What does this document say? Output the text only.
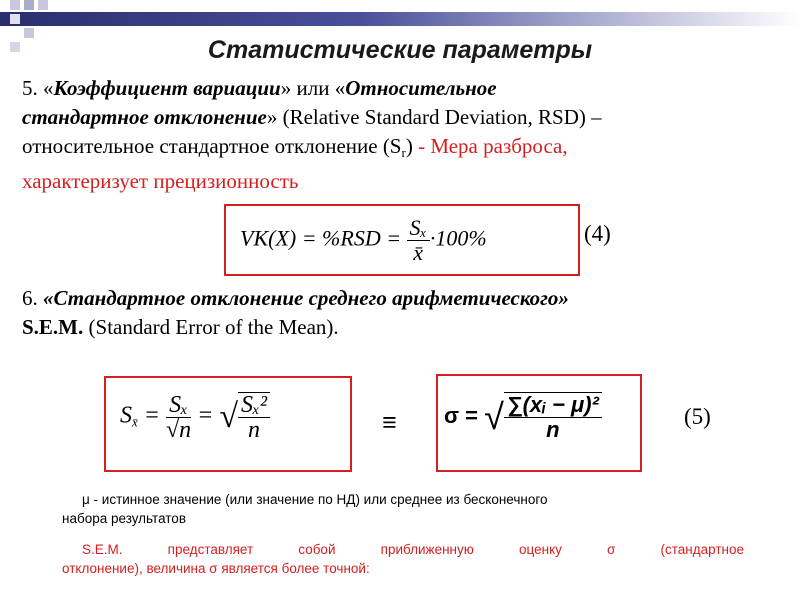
Статистические параметры
5. «Коэффициент вариации» или «Относительное
стандартное отклонение» (Relative Standard Deviation, RSD) –
относительное стандартное отклонение $(S_r)$ - Мера разброса,
характеризует прецизионность
$VK(X) = \%RSD = \frac{\text{Sₓ}}{x̄} \cdot 100\%$	(4)
6. «Стандартное отклонение среднего арифметического»
S.E.M. (Standard Error of the Mean).
$S_{x̄} = \frac{\text{Sₓ}}{√n}$ = √ $\frac{\text{Sₓ²}}{n}$	≡ σ = √ $\frac{\text{∑(xᵢ − μ)²}}{n}$	(5)
μ - истинное значение (или значение по НД) или среднее из бесконечного
набора результатов
S.E.M. представляет собой приближенную оценку σ (стандартное
отклонение), величина σ является более точной:
